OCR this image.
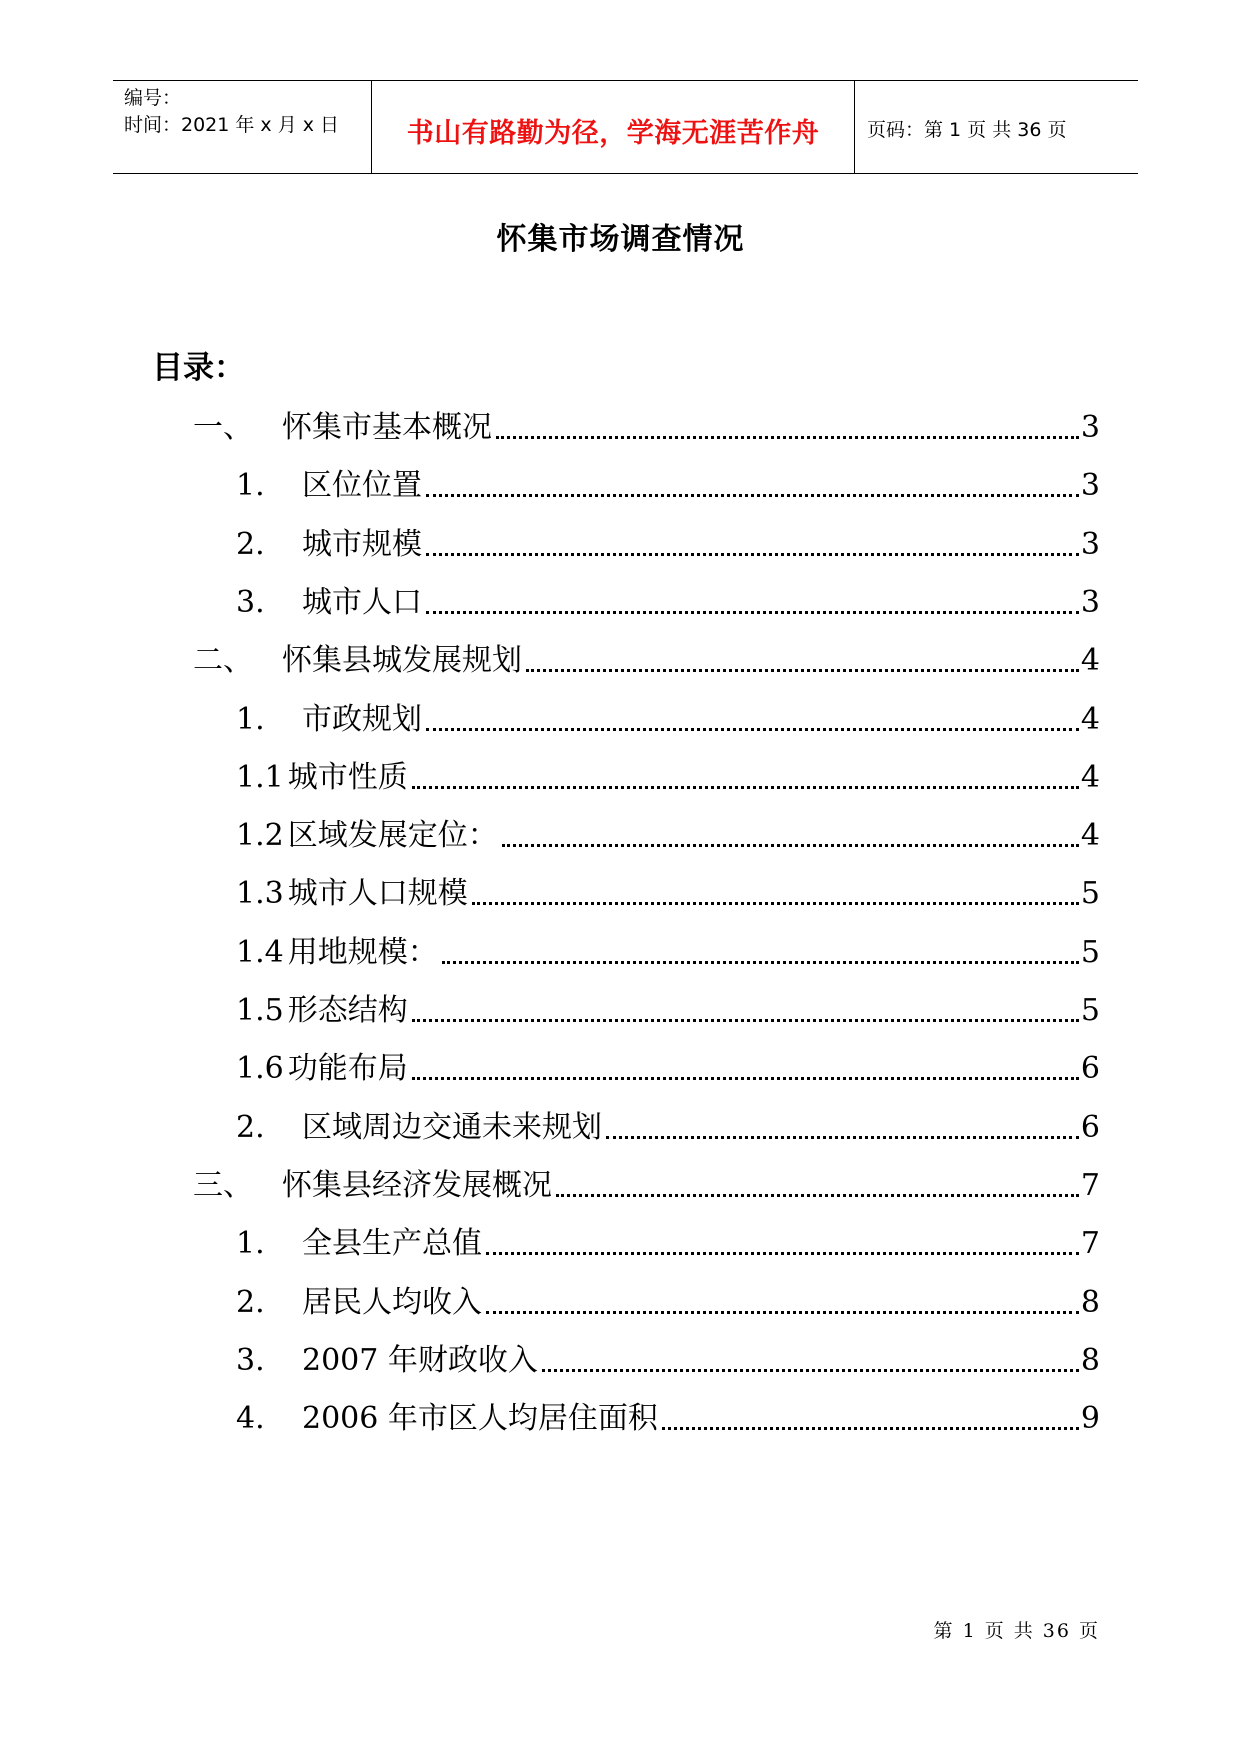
编号：
时间：2021 年 x 月 x 日	书山有路勤为径，学海无涯苦作舟	页码：第 1 页 共 36 页
怀集市场调查情况
目录：
一、 怀集市基本概况	3
1.	区位位置	3
2.	城市规模	3
3.	城市人口	3
二、 怀集县城发展规划	4
1.	市政规划	4
1.1 城市性质	4
1.2 区域发展定位：	4
1.3 城市人口规模	5
1.4 用地规模：	5
1.5 形态结构	5
1.6 功能布局	6
2.	区域周边交通未来规划	6
三、 怀集县经济发展概况	7
1.	全县生产总值	7
2.	居民人均收入	8
3.	2007 年财政收入	8
4.	2006 年市区人均居住面积	9
第 1 页 共 36 页
